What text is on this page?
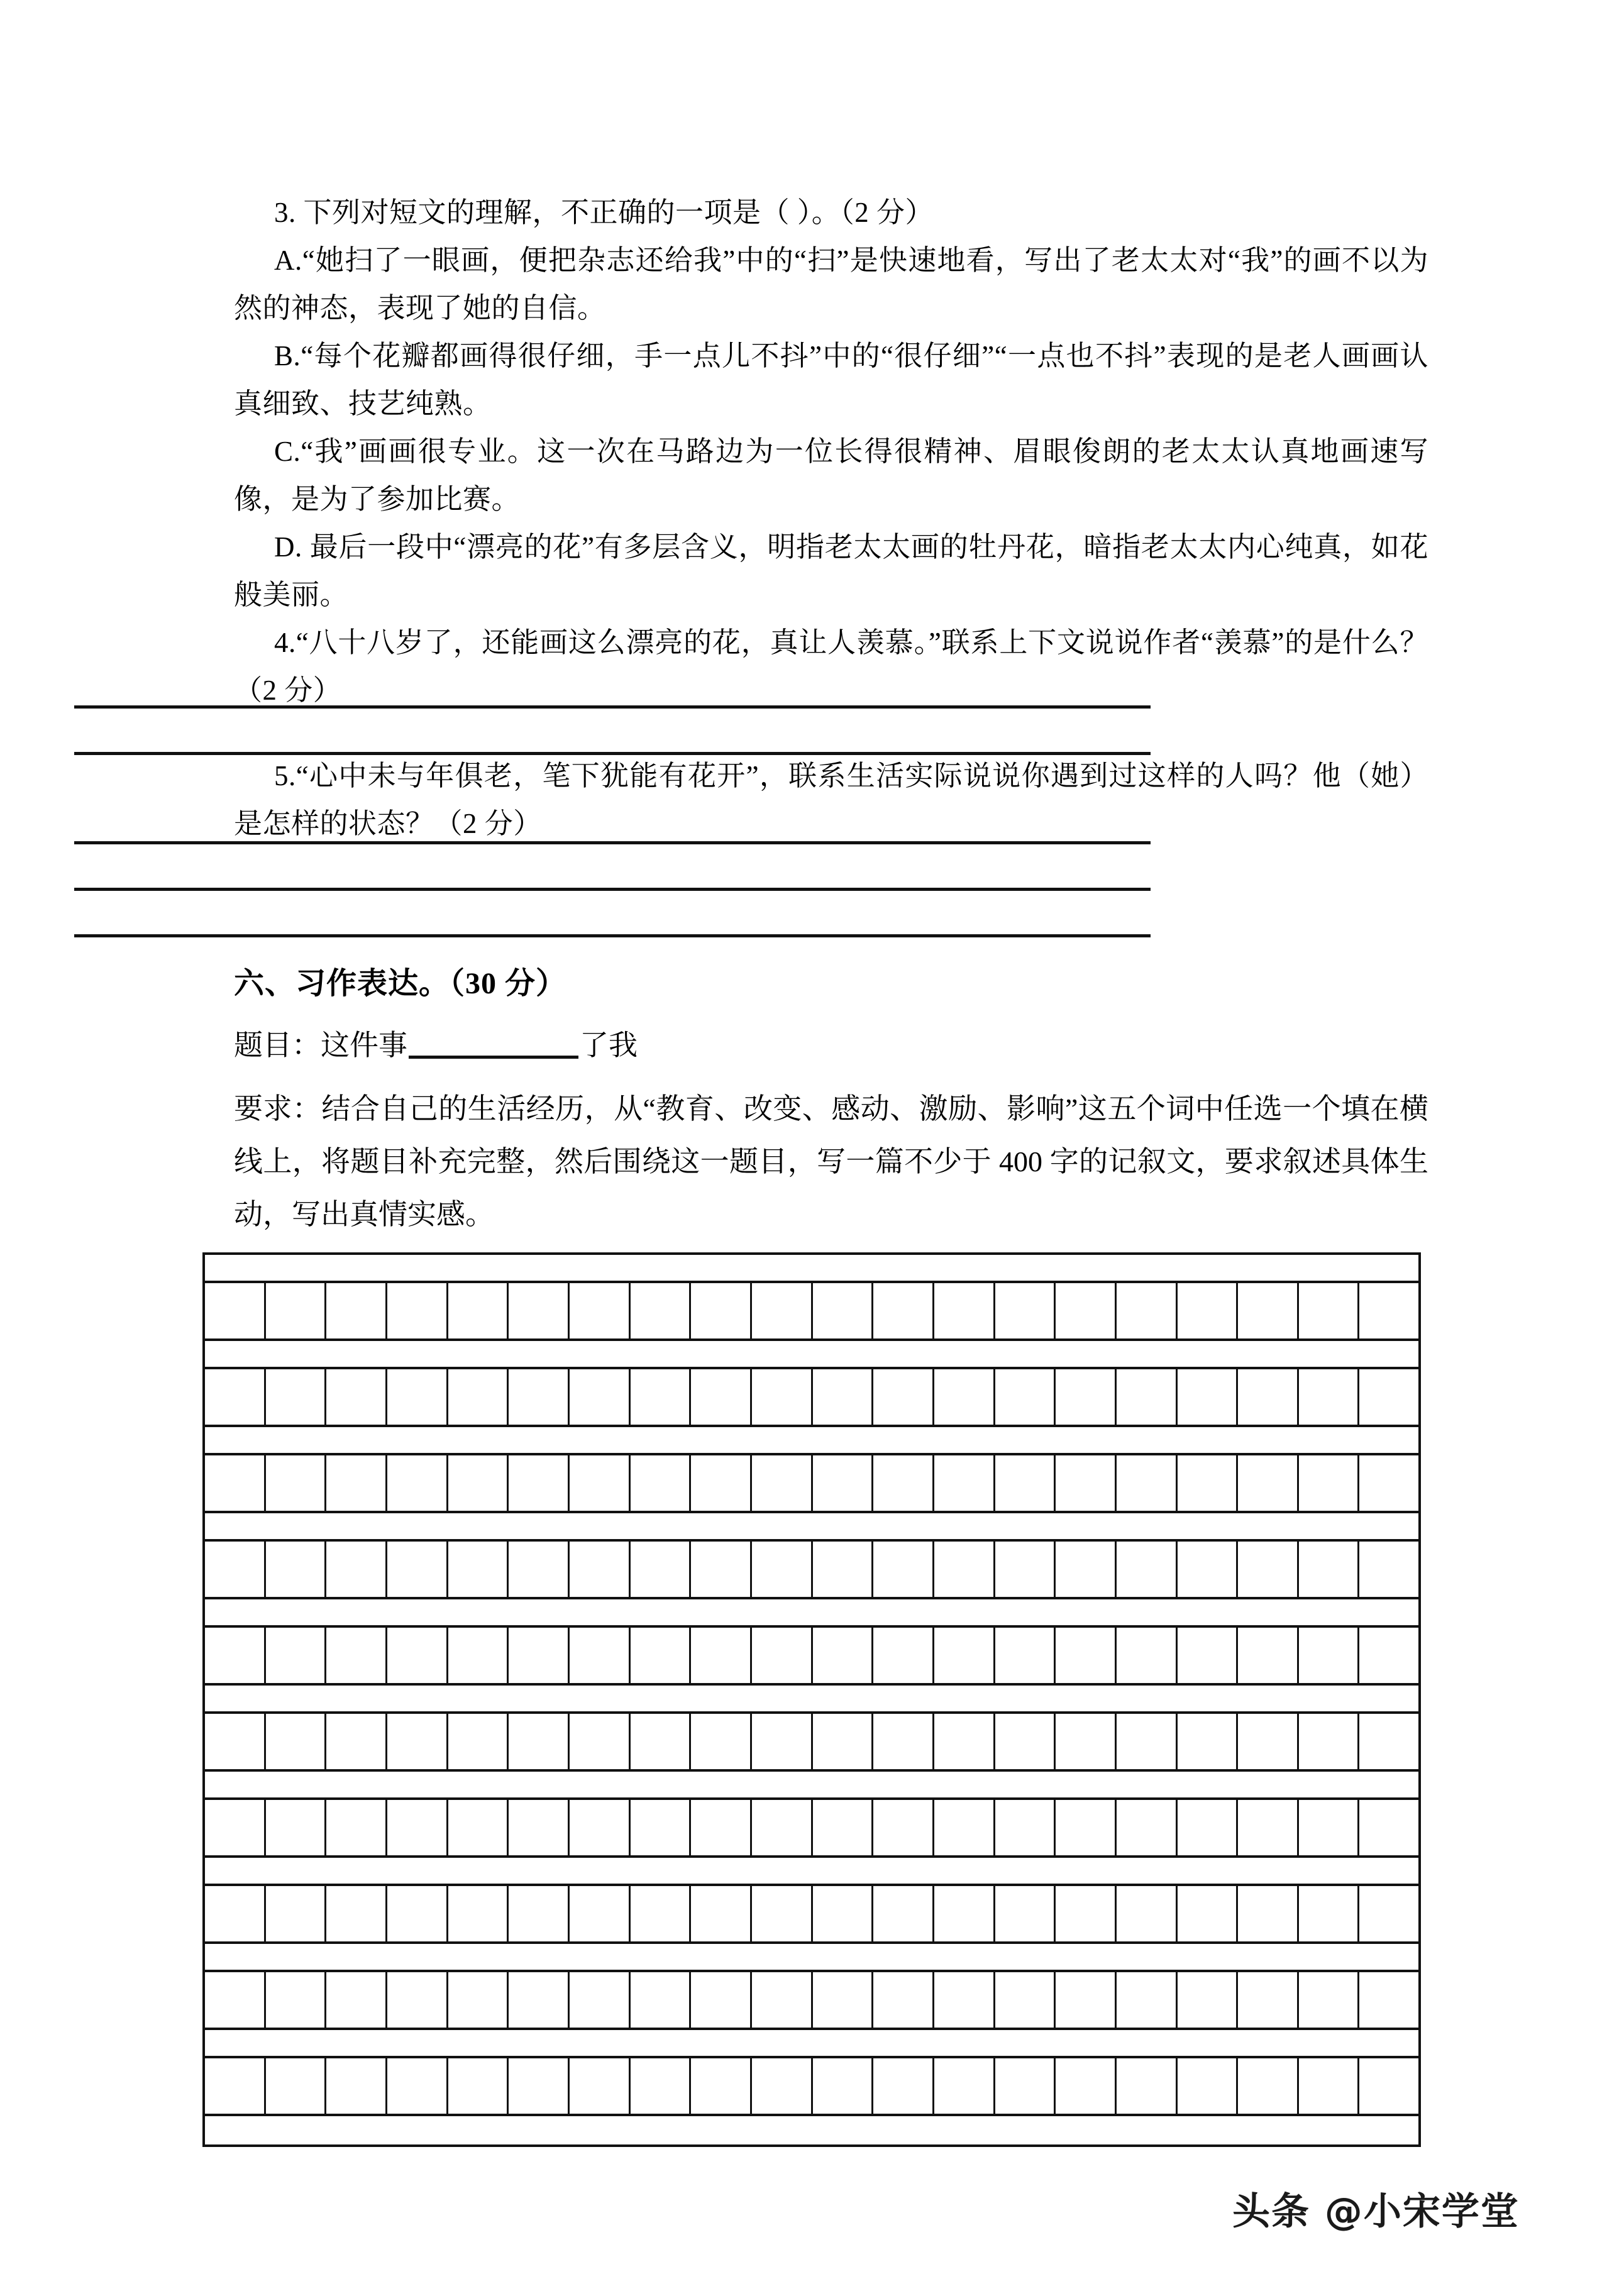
3. 下列对短文的理解，不正确的一项是（ ）。（2 分）

A.“她扫了一眼画，便把杂志还给我”中的“扫”是快速地看，写出了老太太对“我”的画不以为然的神态，表现了她的自信。

B.“每个花瓣都画得很仔细，手一点儿不抖”中的“很仔细”“一点也不抖”表现的是老人画画认真细致、技艺纯熟。

C.“我”画画很专业。这一次在马路边为一位长得很精神、眉眼俊朗的老太太认真地画速写像，是为了参加比赛。

D. 最后一段中“漂亮的花”有多层含义，明指老太太画的牡丹花，暗指老太太内心纯真，如花般美丽。

4.“八十八岁了，还能画这么漂亮的花，真让人羡慕。”联系上下文说说作者“羡慕”的是什么？（2 分）

5.“心中未与年俱老，笔下犹能有花开”，联系生活实际说说你遇到过这样的人吗？他（她）是怎样的状态？（2 分）

六、习作表达。（30 分）
题目：这件事	了我
要求：结合自己的生活经历，从“教育、改变、感动、激励、影响”这五个词中任选一个填在横线上，将题目补充完整，然后围绕这一题目，写一篇不少于 400 字的记叙文，要求叙述具体生动，写出真情实感。
头条 @小宋学堂
